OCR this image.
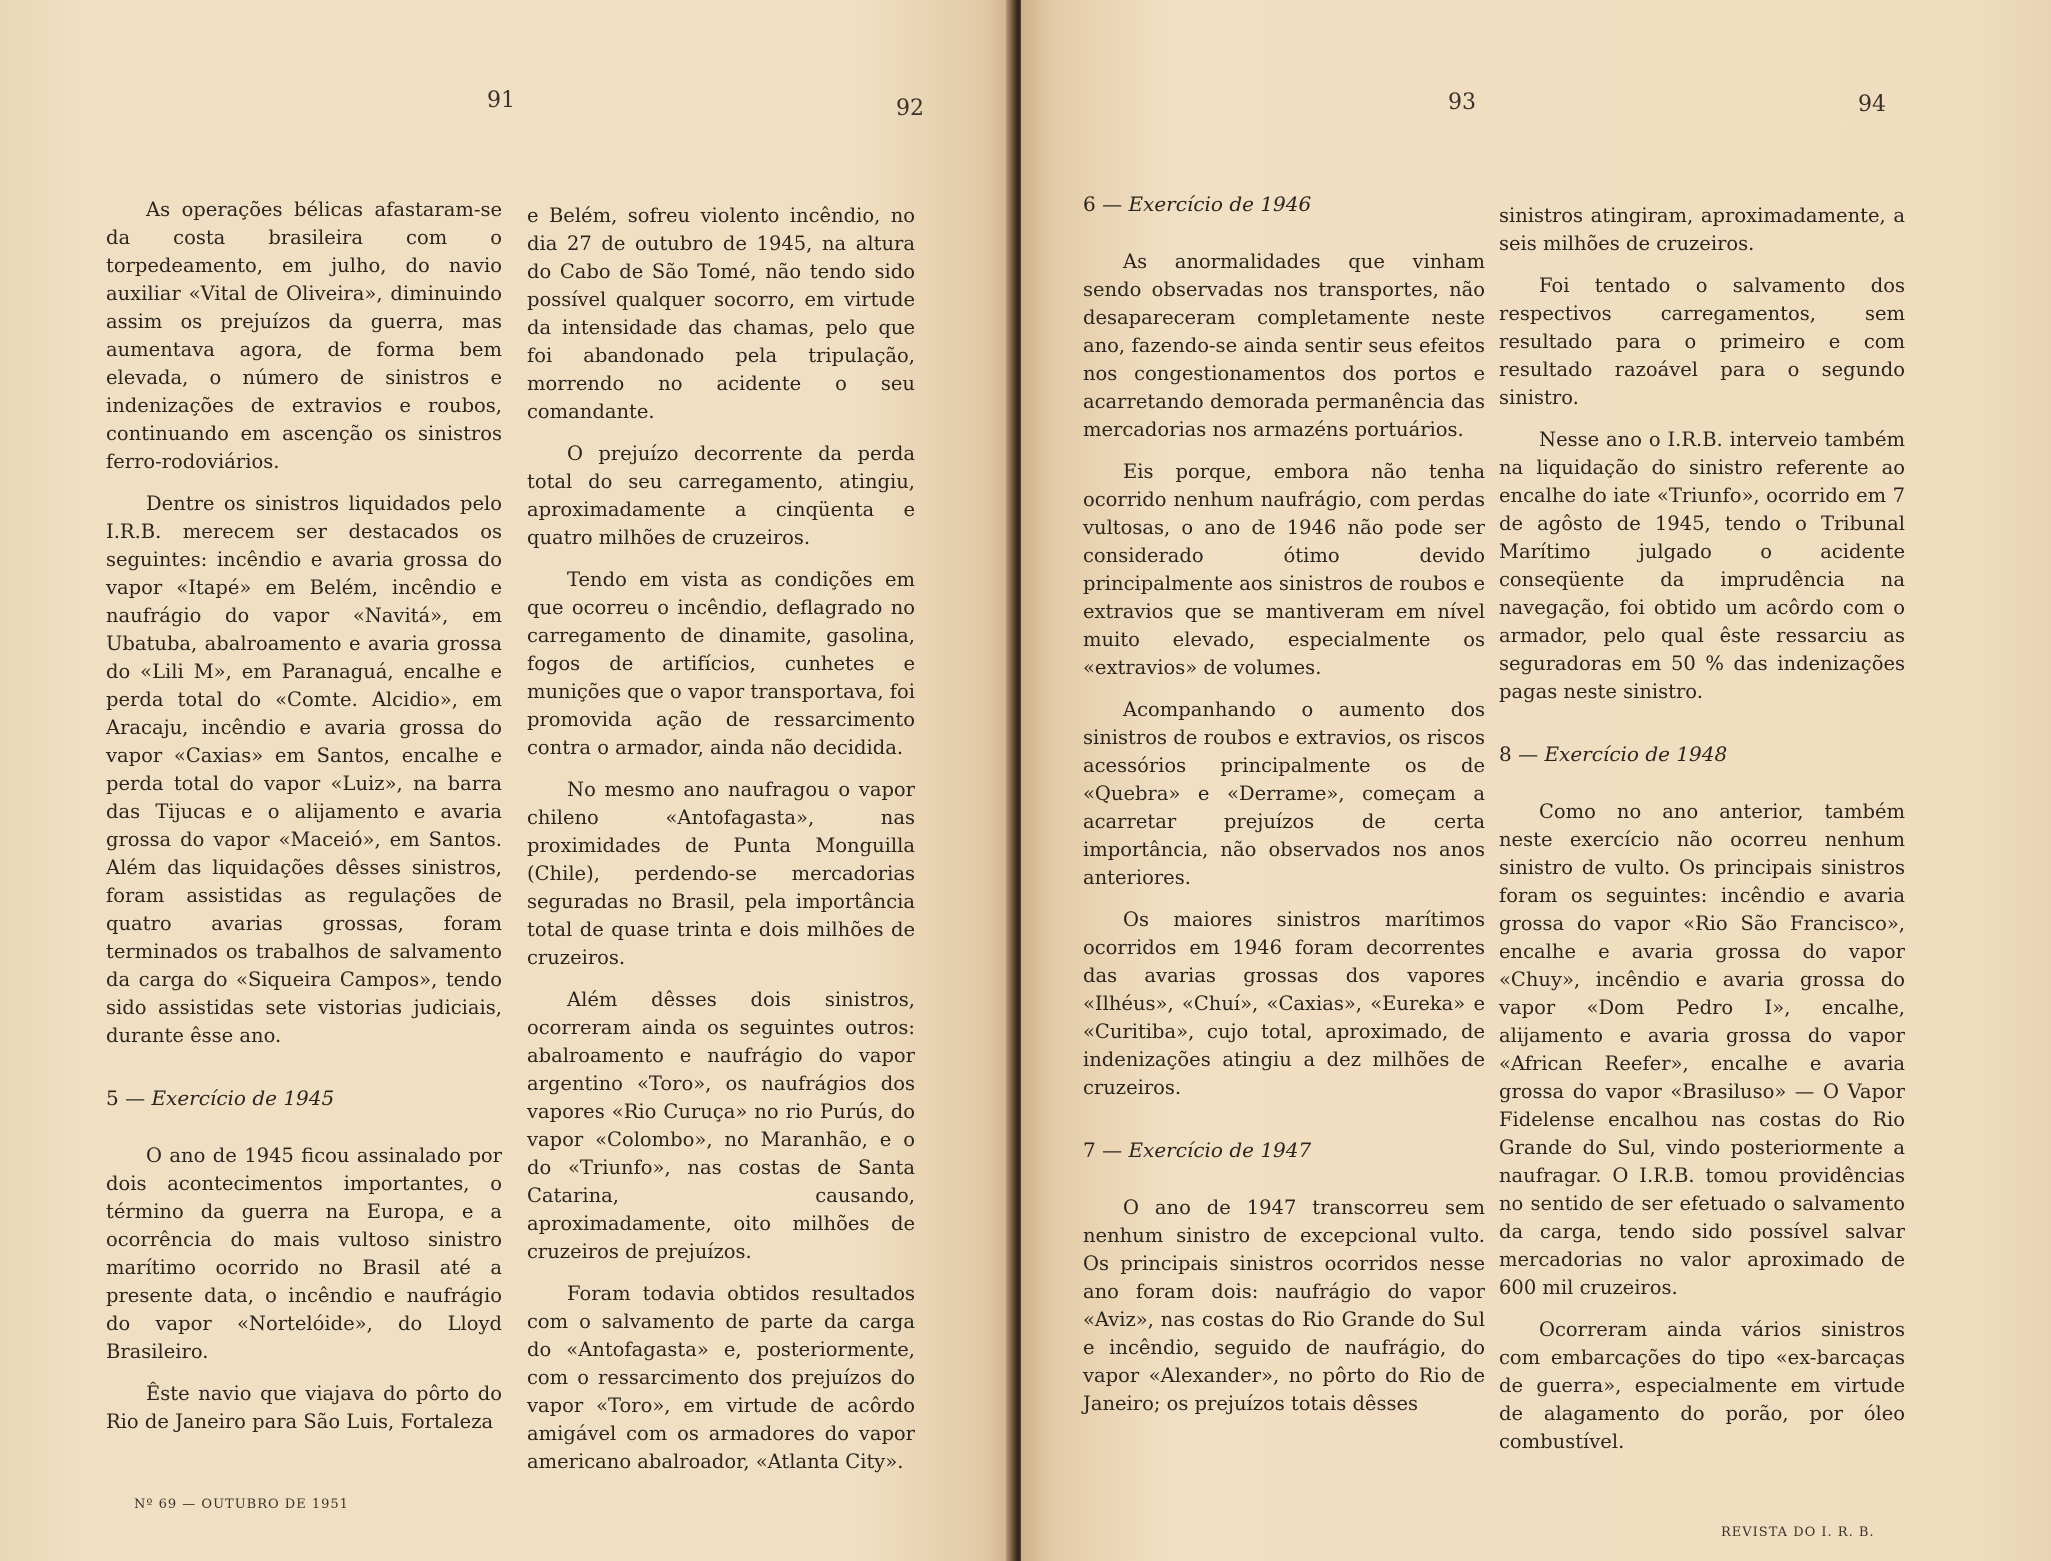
91	92

As operações bélicas afastaram-se da costa brasileira com o torpedeamento, em julho, do navio auxiliar «Vital de Oliveira», diminuindo assim os prejuízos da guerra, mas aumentava agora, de forma bem elevada, o número de sinistros e indenizações de extravios e roubos, continuando em ascenção os sinistros ferro-rodoviários.

Dentre os sinistros liquidados pelo I.R.B. merecem ser destacados os seguintes: incêndio e avaria grossa do vapor «Itapé» em Belém, incêndio e naufrágio do vapor «Navitá», em Ubatuba, abalroamento e avaria grossa do «Lili M», em Paranaguá, encalhe e perda total do «Comte. Alcidio», em Aracaju, incêndio e avaria grossa do vapor «Caxias» em Santos, encalhe e perda total do vapor «Luiz», na barra das Tijucas e o alijamento e avaria grossa do vapor «Maceió», em Santos. Além das liquidações dêsses sinistros, foram assistidas as regulações de quatro avarias grossas, foram terminados os trabalhos de salvamento da carga do «Siqueira Campos», tendo sido assistidas sete vistorias judiciais, durante êsse ano.

5 — Exercício de 1945

O ano de 1945 ficou assinalado por dois acontecimentos importantes, o término da guerra na Europa, e a ocorrência do mais vultoso sinistro marítimo ocorrido no Brasil até a presente data, o incêndio e naufrágio do vapor «Nortelóide», do Lloyd Brasileiro.

Êste navio que viajava do pôrto do Rio de Janeiro para São Luis, Fortaleza

e Belém, sofreu violento incêndio, no dia 27 de outubro de 1945, na altura do Cabo de São Tomé, não tendo sido possível qualquer socorro, em virtude da intensidade das chamas, pelo que foi abandonado pela tripulação, morrendo no acidente o seu comandante.

O prejuízo decorrente da perda total do seu carregamento, atingiu, aproximadamente a cinqüenta e quatro milhões de cruzeiros.

Tendo em vista as condições em que ocorreu o incêndio, deflagrado no carregamento de dinamite, gasolina, fogos de artifícios, cunhetes e munições que o vapor transportava, foi promovida ação de ressarcimento contra o armador, ainda não decidida.

No mesmo ano naufragou o vapor chileno «Antofagasta», nas proximidades de Punta Monguilla (Chile), perdendo-se mercadorias seguradas no Brasil, pela importância total de quase trinta e dois milhões de cruzeiros.

Além dêsses dois sinistros, ocorreram ainda os seguintes outros: abalroamento e naufrágio do vapor argentino «Toro», os naufrágios dos vapores «Rio Curuça» no rio Purús, do vapor «Colombo», no Maranhão, e o do «Triunfo», nas costas de Santa Catarina, causando, aproximadamente, oito milhões de cruzeiros de prejuízos.

Foram todavia obtidos resultados com o salvamento de parte da carga do «Antofagasta» e, posteriormente, com o ressarcimento dos prejuízos do vapor «Toro», em virtude de acôrdo amigável com os armadores do vapor americano abalroador, «Atlanta City».

Nº 69 — OUTUBRO DE 1951
93	94
6 — Exercício de 1946

As anormalidades que vinham sendo observadas nos transportes, não desapareceram completamente neste ano, fazendo-se ainda sentir seus efeitos nos congestionamentos dos portos e acarretando demorada permanência das mercadorias nos armazéns portuários.

Eis porque, embora não tenha ocorrido nenhum naufrágio, com perdas vultosas, o ano de 1946 não pode ser considerado ótimo devido principalmente aos sinistros de roubos e extravios que se mantiveram em nível muito elevado, especialmente os «extravios» de volumes.

Acompanhando o aumento dos sinistros de roubos e extravios, os riscos acessórios principalmente os de «Quebra» e «Derrame», começam a acarretar prejuízos de certa importância, não observados nos anos anteriores.

Os maiores sinistros marítimos ocorridos em 1946 foram decorrentes das avarias grossas dos vapores «Ilhéus», «Chuí», «Caxias», «Eureka» e «Curitiba», cujo total, aproximado, de indenizações atingiu a dez milhões de cruzeiros.

7 — Exercício de 1947

O ano de 1947 transcorreu sem nenhum sinistro de excepcional vulto. Os principais sinistros ocorridos nesse ano foram dois: naufrágio do vapor «Aviz», nas costas do Rio Grande do Sul e incêndio, seguido de naufrágio, do vapor «Alexander», no pôrto do Rio de Janeiro; os prejuízos totais dêsses

sinistros atingiram, aproximadamente, a seis milhões de cruzeiros.

Foi tentado o salvamento dos respectivos carregamentos, sem resultado para o primeiro e com resultado razoável para o segundo sinistro.

Nesse ano o I.R.B. interveio também na liquidação do sinistro referente ao encalhe do iate «Triunfo», ocorrido em 7 de agôsto de 1945, tendo o Tribunal Marítimo julgado o acidente conseqüente da imprudência na navegação, foi obtido um acôrdo com o armador, pelo qual êste ressarciu as seguradoras em 50 % das indenizações pagas neste sinistro.

8 — Exercício de 1948

Como no ano anterior, também neste exercício não ocorreu nenhum sinistro de vulto. Os principais sinistros foram os seguintes: incêndio e avaria grossa do vapor «Rio São Francisco», encalhe e avaria grossa do vapor «Chuy», incêndio e avaria grossa do vapor «Dom Pedro I», encalhe, alijamento e avaria grossa do vapor «African Reefer», encalhe e avaria grossa do vapor «Brasiluso» — O Vapor Fidelense encalhou nas costas do Rio Grande do Sul, vindo posteriormente a naufragar. O I.R.B. tomou providências no sentido de ser efetuado o salvamento da carga, tendo sido possível salvar mercadorias no valor aproximado de 600 mil cruzeiros.

Ocorreram ainda vários sinistros com embarcações do tipo «ex-barcaças de guerra», especialmente em virtude de alagamento do porão, por óleo combustível.

REVISTA DO I. R. B.
